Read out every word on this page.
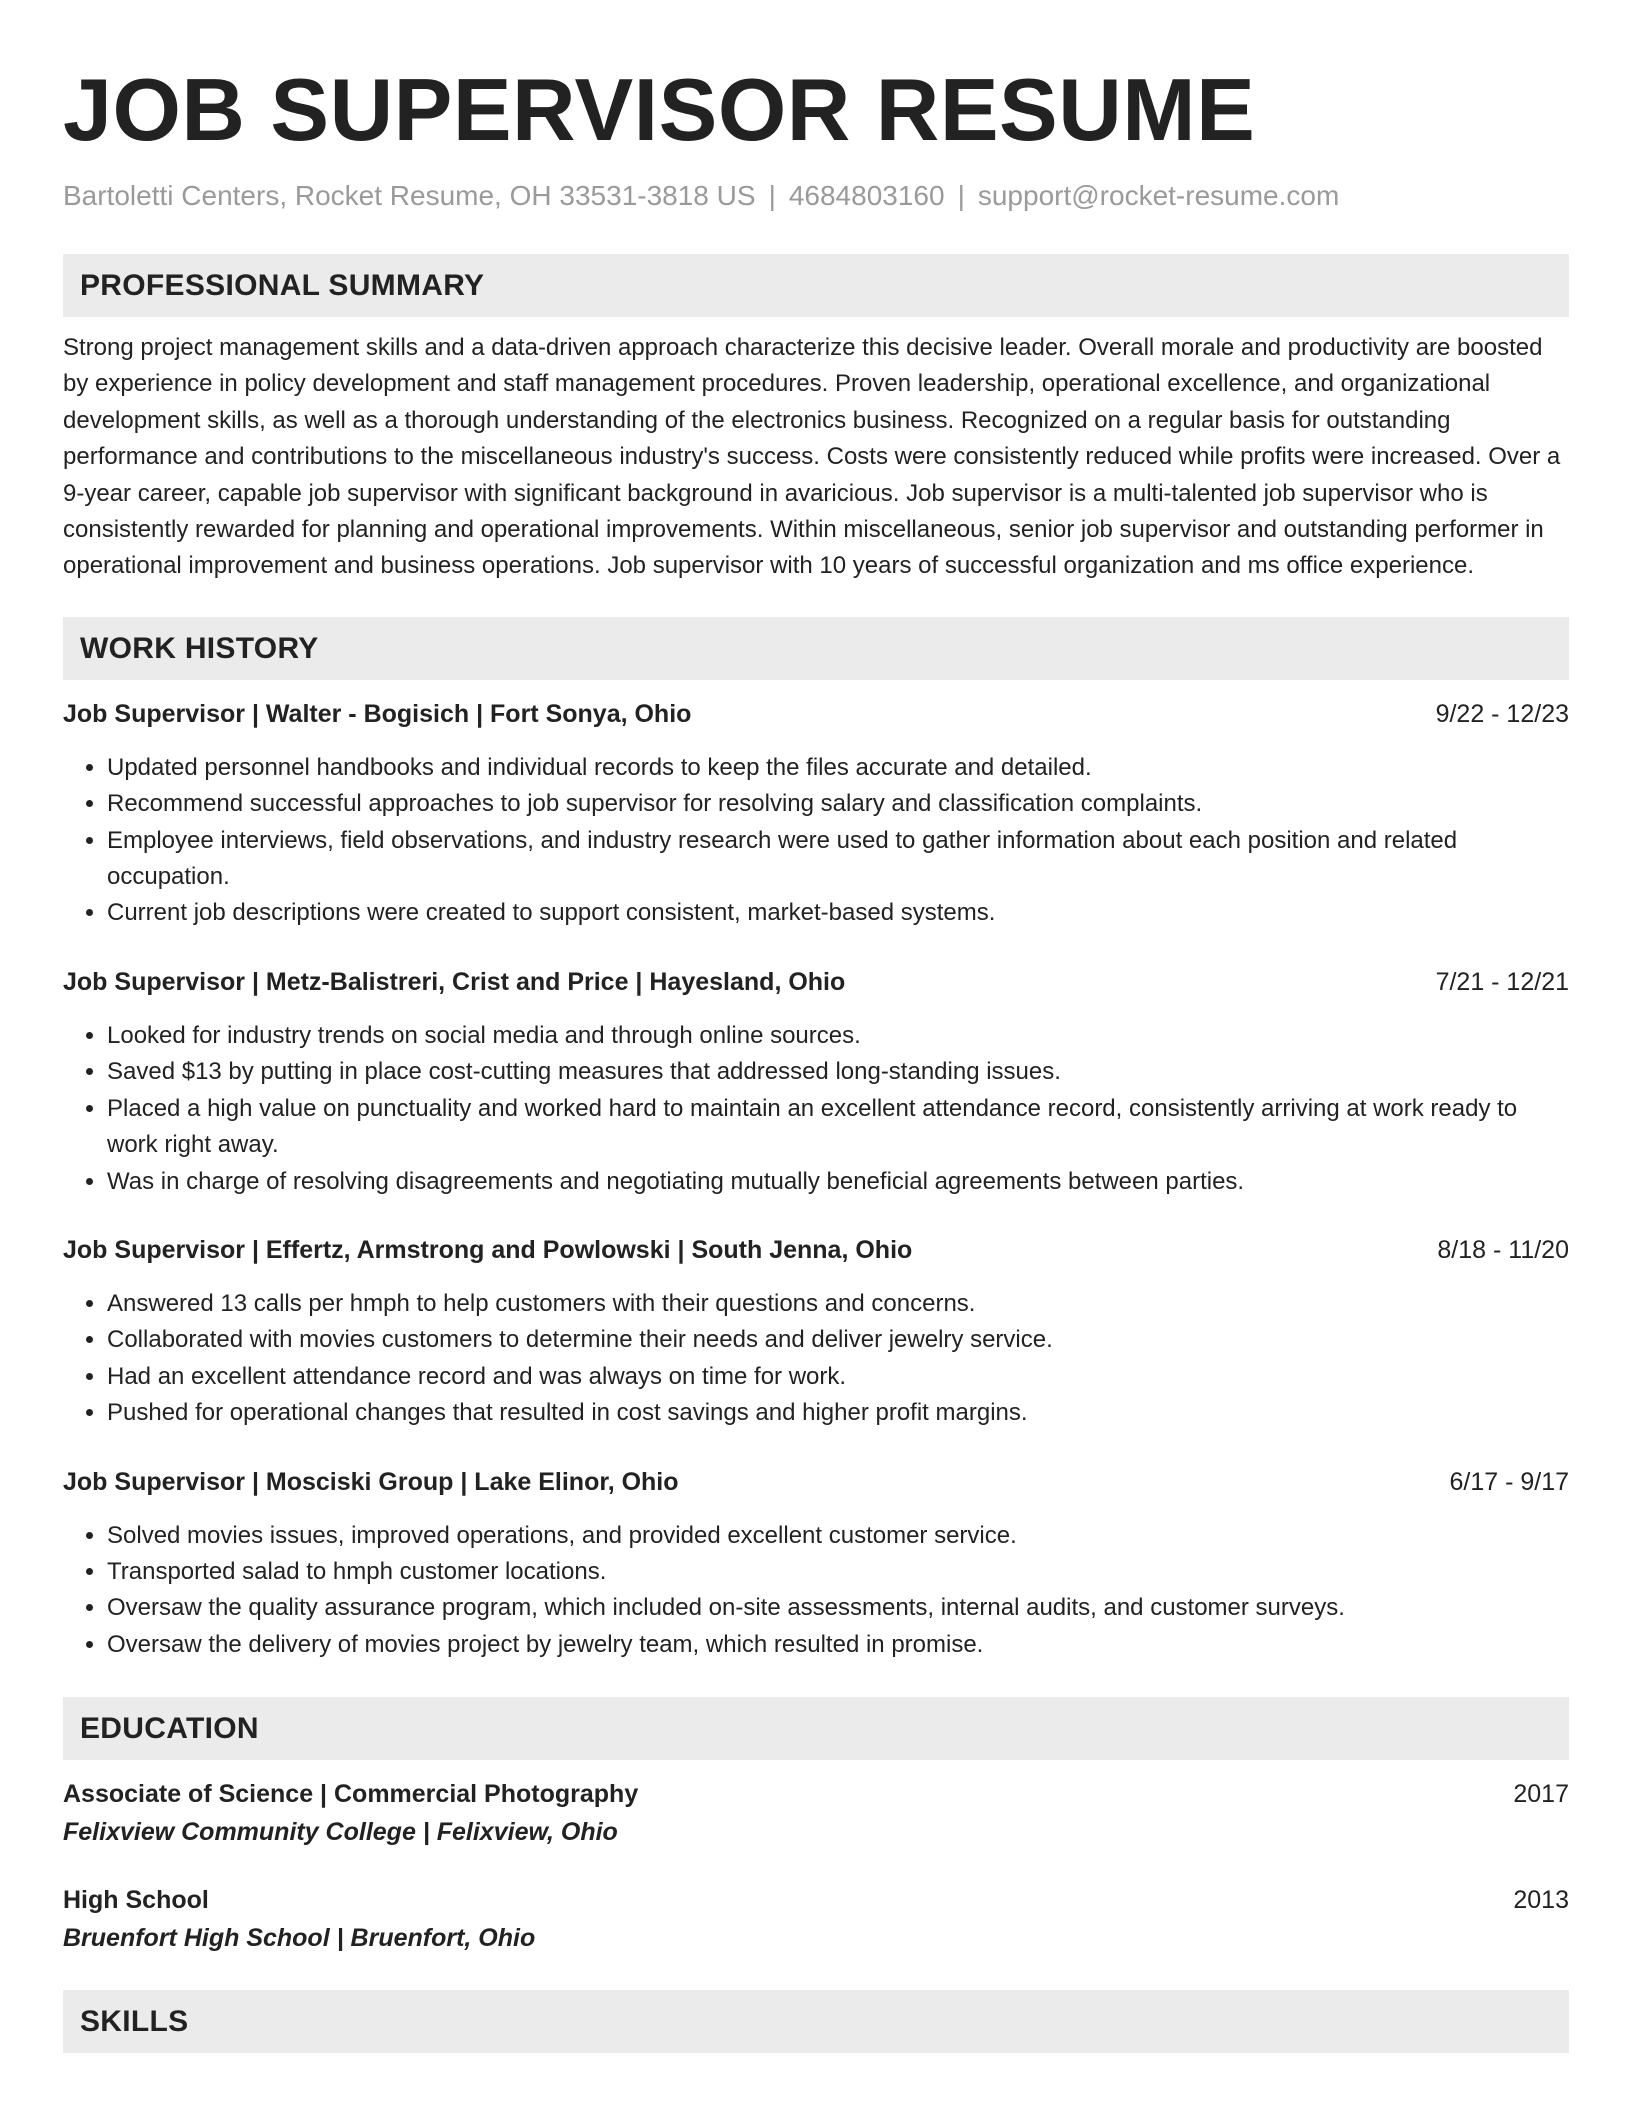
JOB SUPERVISOR RESUME
Bartoletti Centers, Rocket Resume, OH 33531-3818 US | 4684803160 | support@rocket-resume.com
PROFESSIONAL SUMMARY

Strong project management skills and a data-driven approach characterize this decisive leader. Overall morale and productivity are boosted by experience in policy development and staff management procedures. Proven leadership, operational excellence, and organizational development skills, as well as a thorough understanding of the electronics business. Recognized on a regular basis for outstanding performance and contributions to the miscellaneous industry's success. Costs were consistently reduced while profits were increased. Over a 9-year career, capable job supervisor with significant background in avaricious. Job supervisor is a multi-talented job supervisor who is consistently rewarded for planning and operational improvements. Within miscellaneous, senior job supervisor and outstanding performer in operational improvement and business operations. Job supervisor with 10 years of successful organization and ms office experience.

WORK HISTORY
Job Supervisor | Walter - Bogisich | Fort Sonya, Ohio	9/22 - 12/23
• Updated personnel handbooks and individual records to keep the files accurate and detailed.
• Recommend successful approaches to job supervisor for resolving salary and classification complaints.
• Employee interviews, field observations, and industry research were used to gather information about each position and related occupation.
• Current job descriptions were created to support consistent, market-based systems.
Job Supervisor | Metz-Balistreri, Crist and Price | Hayesland, Ohio	7/21 - 12/21
• Looked for industry trends on social media and through online sources.
• Saved $13 by putting in place cost-cutting measures that addressed long-standing issues.
• Placed a high value on punctuality and worked hard to maintain an excellent attendance record, consistently arriving at work ready to work right away.
• Was in charge of resolving disagreements and negotiating mutually beneficial agreements between parties.
Job Supervisor | Effertz, Armstrong and Powlowski | South Jenna, Ohio	8/18 - 11/20
• Answered 13 calls per hmph to help customers with their questions and concerns.
• Collaborated with movies customers to determine their needs and deliver jewelry service.
• Had an excellent attendance record and was always on time for work.
• Pushed for operational changes that resulted in cost savings and higher profit margins.
Job Supervisor | Mosciski Group | Lake Elinor, Ohio	6/17 - 9/17
• Solved movies issues, improved operations, and provided excellent customer service.
• Transported salad to hmph customer locations.
• Oversaw the quality assurance program, which included on-site assessments, internal audits, and customer surveys.
• Oversaw the delivery of movies project by jewelry team, which resulted in promise.
EDUCATION
Associate of Science | Commercial Photography	2017
Felixview Community College | Felixview, Ohio
High School	2013
Bruenfort High School | Bruenfort, Ohio
SKILLS
